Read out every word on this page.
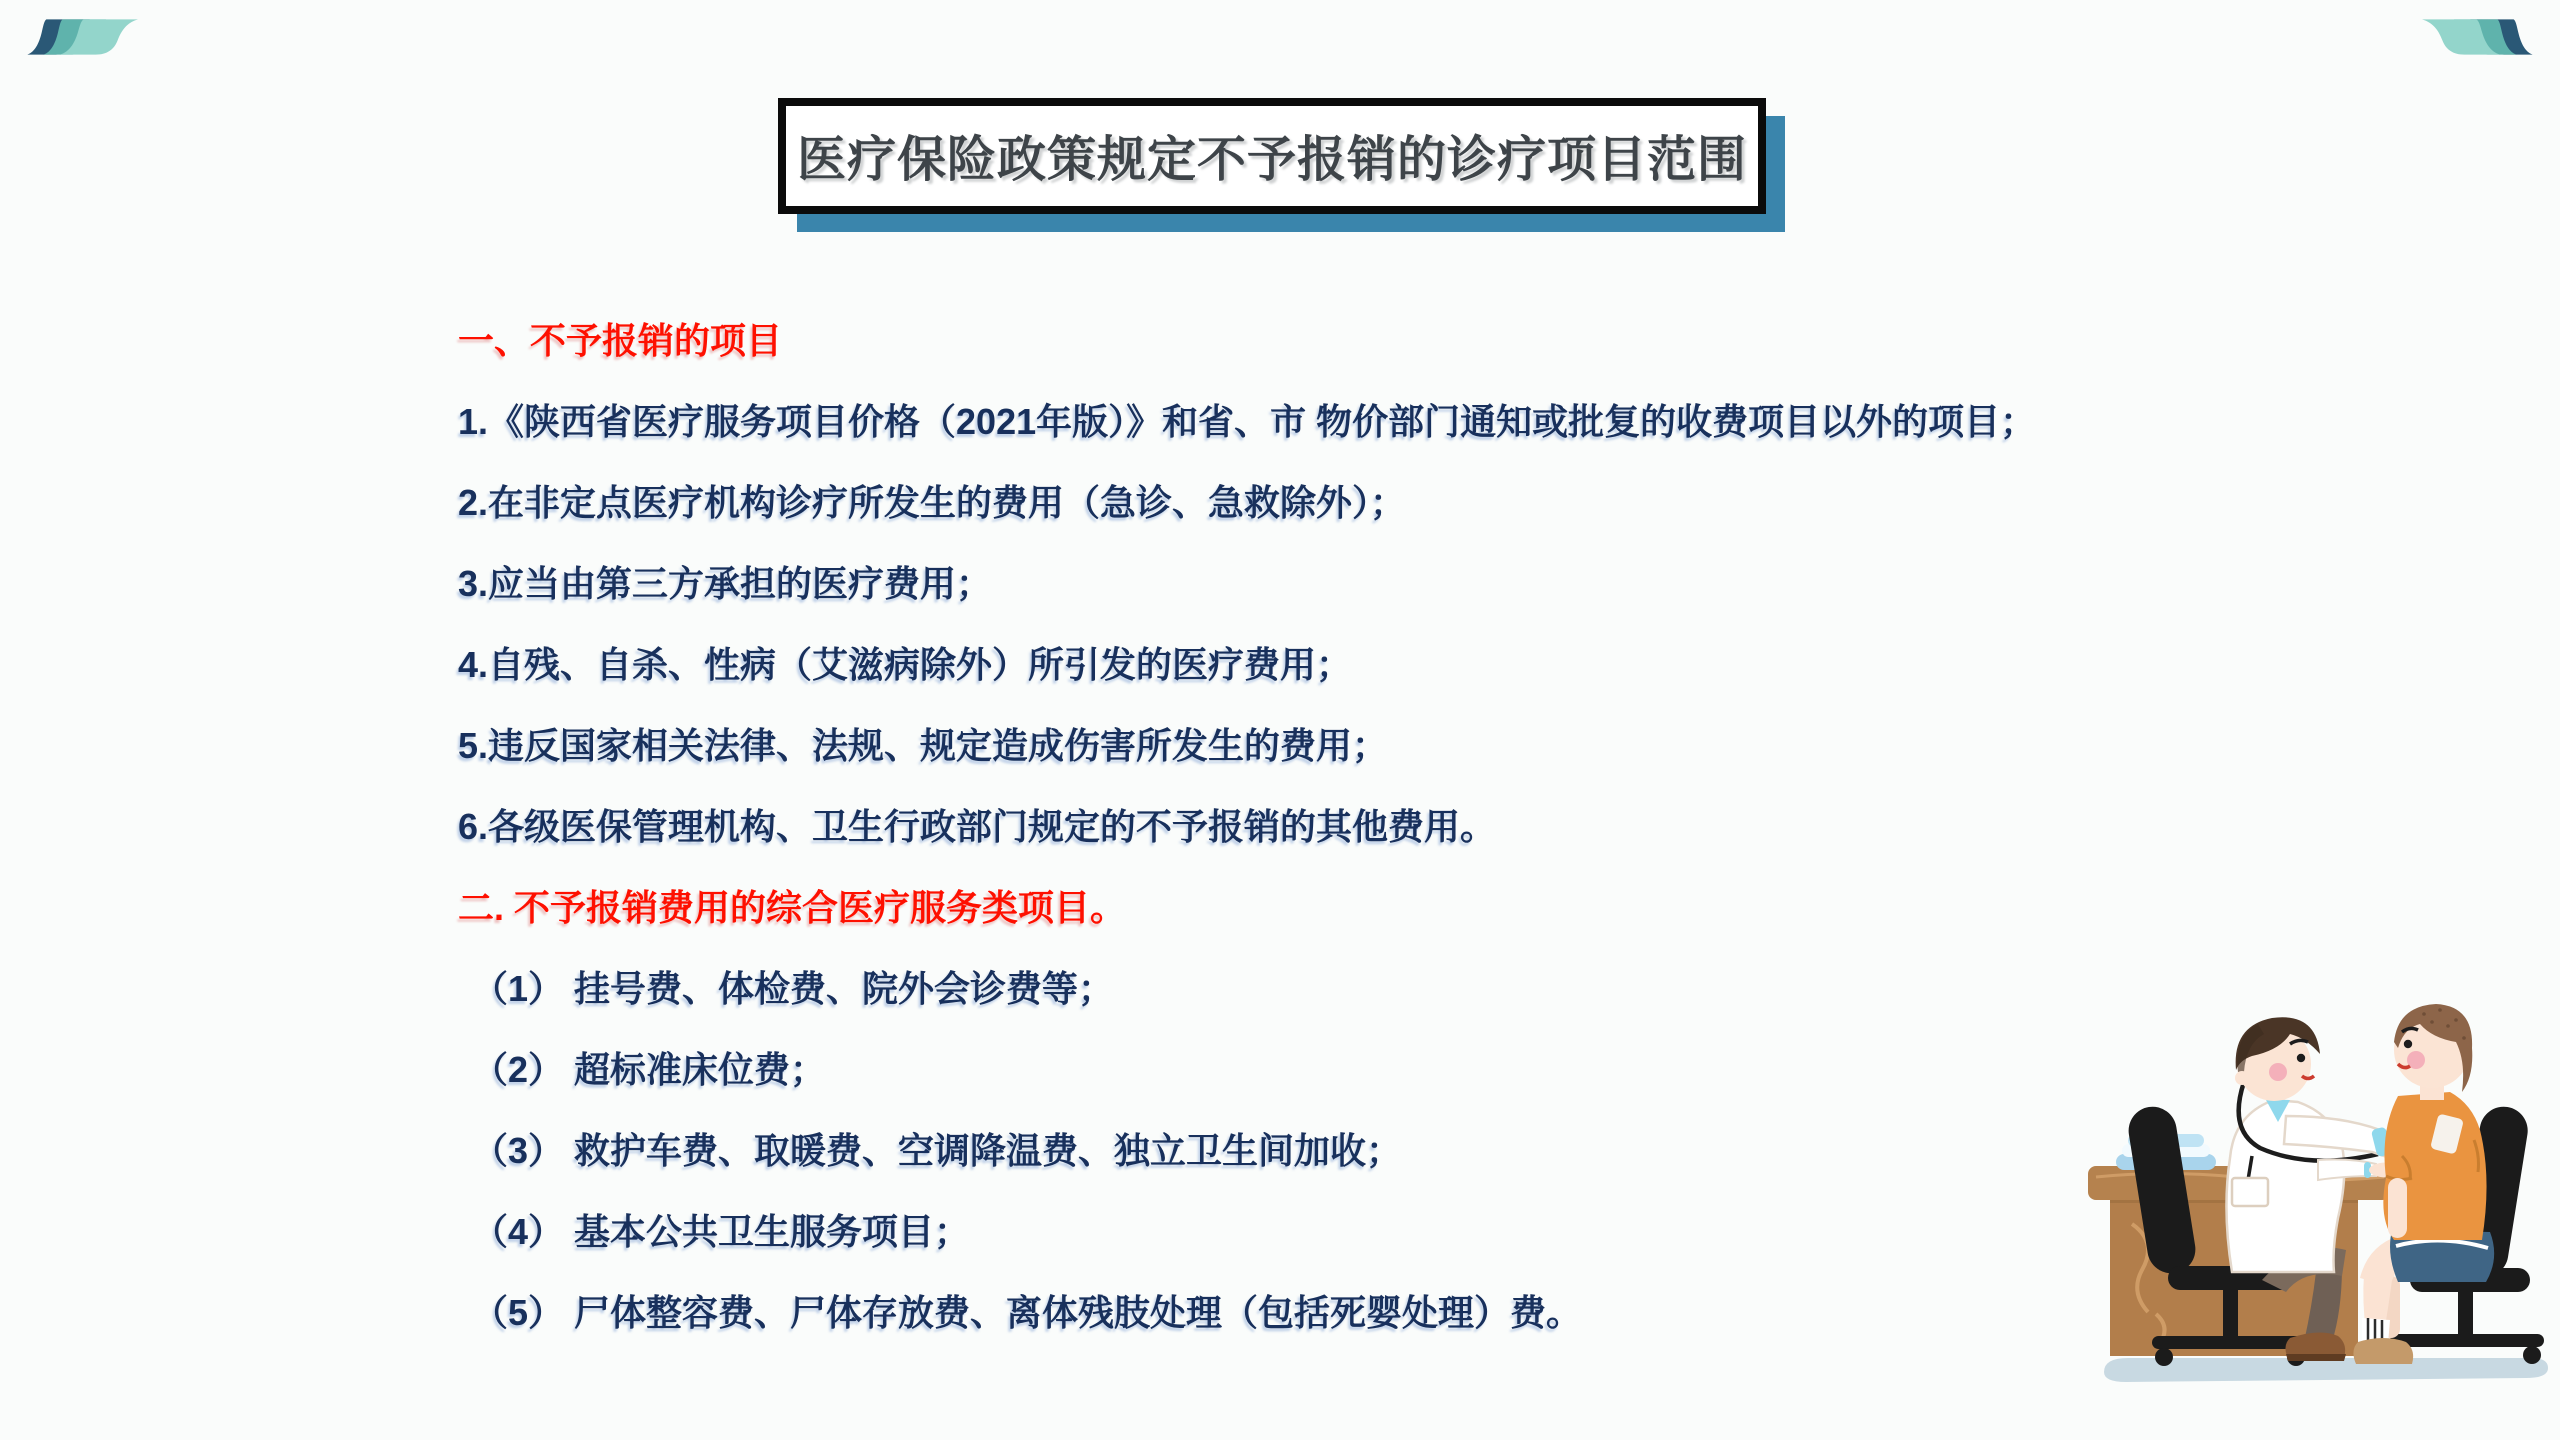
医疗保险政策规定不予报销的诊疗项目范围
一、不予报销的项目
1.《陕西省医疗服务项目价格（2021年版）》和省、市 物价部门通知或批复的收费项目以外的项目；
2.在非定点医疗机构诊疗所发生的费用（急诊、急救除外）；
3.应当由第三方承担的医疗费用；
4.自残、自杀、性病（艾滋病除外）所引发的医疗费用；
5.违反国家相关法律、法规、规定造成伤害所发生的费用；
6.各级医保管理机构、卫生行政部门规定的不予报销的其他费用。
二. 不予报销费用的综合医疗服务类项目。
（1） 挂号费、体检费、院外会诊费等；
（2） 超标准床位费；
（3） 救护车费、取暖费、空调降温费、独立卫生间加收；
（4） 基本公共卫生服务项目；
（5） 尸体整容费、尸体存放费、离体残肢处理（包括死婴处理）费。
